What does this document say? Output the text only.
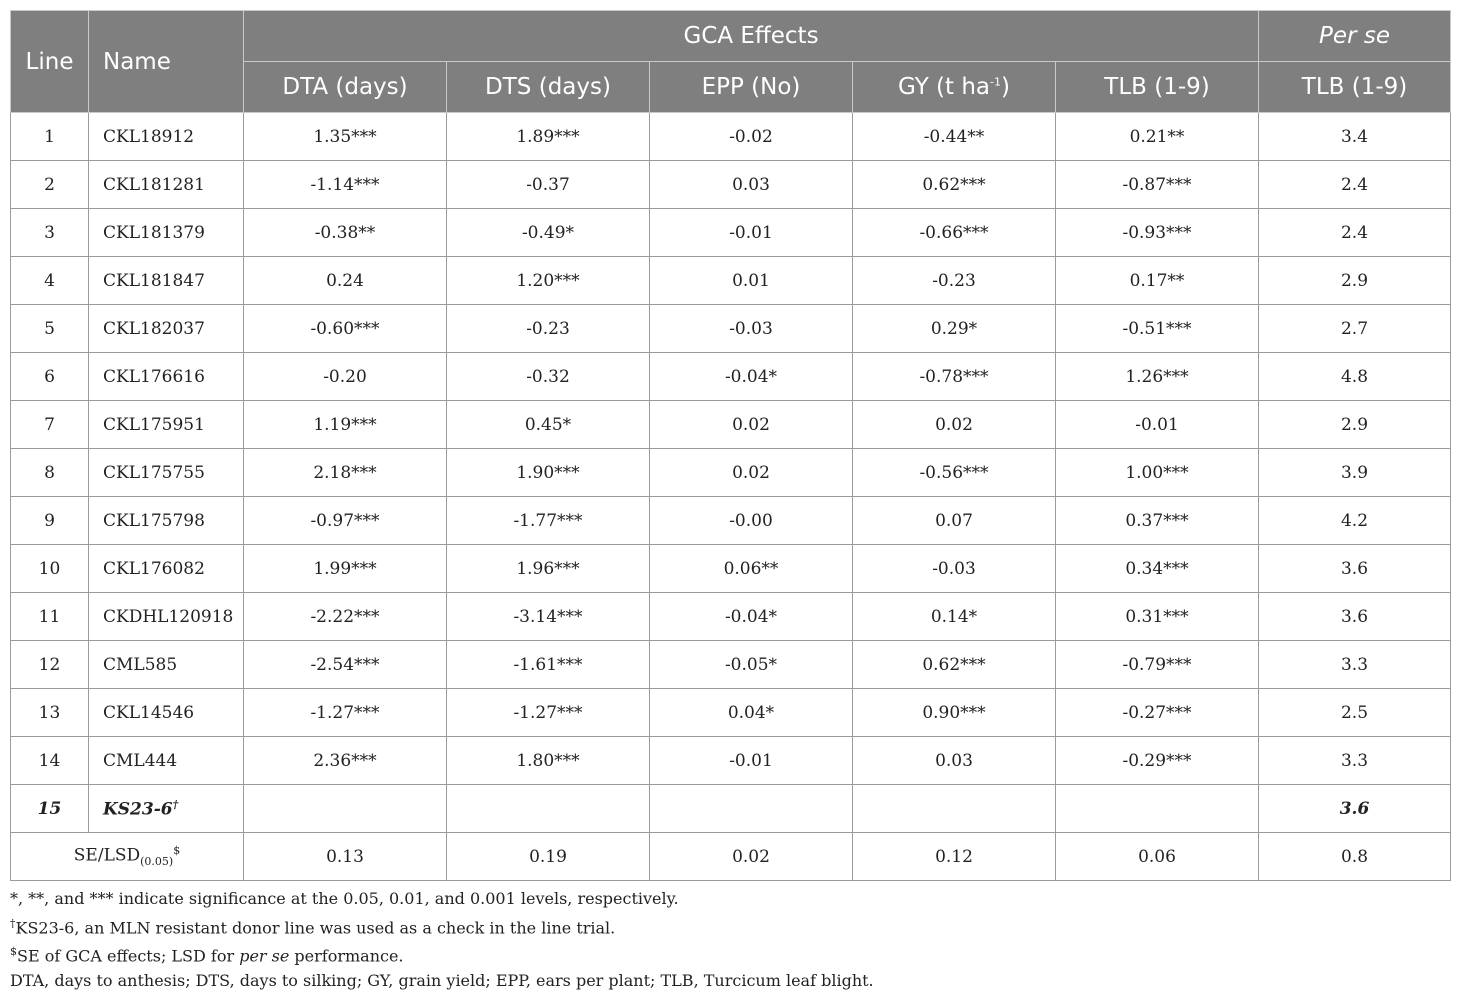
Line	Name	GCA Effects					Per se
		DTA (days)	DTS (days)	EPP (No)	GY (t $ha^{-1}$)	TLB (1-9)	TLB (1-9)
1	CKL18912	1.35***	1.89***	-0.02	-0.44**	0.21**	3.4
2	CKL181281	-1.14***	-0.37	0.03	0.62***	-0.87***	2.4
3	CKL181379	-0.38**	-0.49*	-0.01	-0.66***	-0.93***	2.4
4	CKL181847	0.24	1.20***	0.01	-0.23	0.17**	2.9
5	CKL182037	-0.60***	-0.23	-0.03	0.29*	-0.51***	2.7
6	CKL176616	-0.20	-0.32	-0.04*	-0.78***	1.26***	4.8
7	CKL175951	1.19***	0.45*	0.02	0.02	-0.01	2.9
8	CKL175755	2.18***	1.90***	0.02	-0.56***	1.00***	3.9
9	CKL175798	-0.97***	-1.77***	-0.00	0.07	0.37***	4.2
10	CKL176082	1.99***	1.96***	0.06**	-0.03	0.34***	3.6
11	CKDHL120918	-2.22***	-3.14***	-0.04*	0.14*	0.31***	3.6
12	CML585	-2.54***	-1.61***	-0.05*	0.62***	-0.79***	3.3
13	CKL14546	-1.27***	-1.27***	0.04*	0.90***	-0.27***	2.5
14	CML444	2.36***	1.80***	-0.01	0.03	-0.29***	3.3
15	KS23-6†						3.6
$SE/LSD_{(0.05)}^{\$}$		0.13	0.19	0.02	0.12	0.06	0.8

*, **, and *** indicate significance at the 0.05, 0.01, and 0.001 levels, respectively.

†KS23-6, an MLN resistant donor line was used as a check in the line trial.

$SE of GCA effects; LSD for per se performance.

DTA, days to anthesis; DTS, days to silking; GY, grain yield; EPP, ears per plant; TLB, Turcicum leaf blight.
